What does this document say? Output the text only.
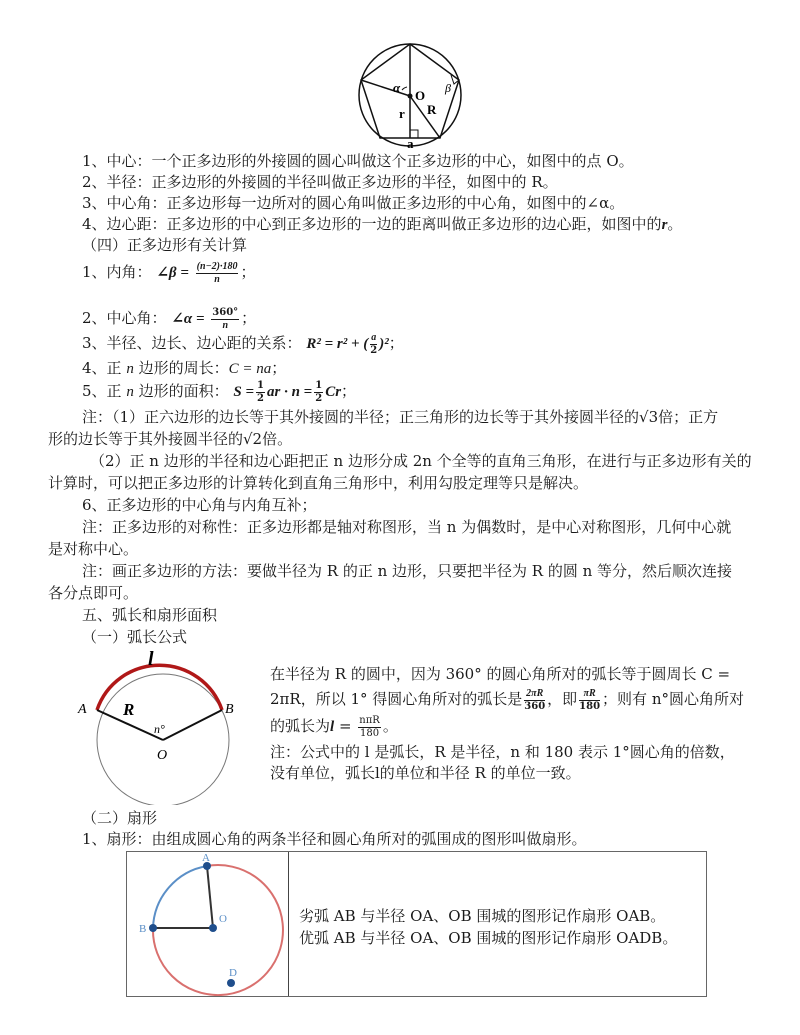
α	β
O
R
r
a
1、中心：一个正多边形的外接圆的圆心叫做这个正多边形的中心，如图中的点 O。
2、半径：正多边形的外接圆的半径叫做正多边形的半径，如图中的 R。
3、中心角：正多边形每一边所对的圆心角叫做正多边形的中心角，如图中的∠α。
4、边心距：正多边形的中心到正多边形的一边的距离叫做正多边形的边心距，如图中的r。
（四）正多边形有关计算
1、内角： ∠β = $\frac{(n-2)\cdot 180}{n}$ ；
2、中心角： ∠α = $\frac{360^\circ}{n}$ ；
3、半径、边长、边心距的关系： R² = r² + ( $\frac{a}{2} )^2$；
4、正 n 边形的周长：C = na；
5、正 n 边形的面积： $S = \frac{1}{2}$ ar · $n = \frac{1}{2}$ Cr；
注：（1）正六边形的边长等于其外接圆的半径；正三角形的边长等于其外接圆半径的√3倍；正方
形的边长等于其外接圆半径的√2倍。
（2）正 n 边形的半径和边心距把正 n 边形分成 2n 个全等的直角三角形，在进行与正多边形有关的
计算时，可以把正多边形的计算转化到直角三角形中，利用勾股定理等只是解决。
6、正多边形的中心角与内角互补；
注：正多边形的对称性：正多边形都是轴对称图形，当 n 为偶数时，是中心对称图形，几何中心就
是对称中心。
注：画正多边形的方法：要做半径为 R 的正 n 边形，只要把半径为 R 的圆 n 等分，然后顺次连接
各分点即可。
五、弧长和扇形面积
（一）弧长公式
l
A	B
R
n°
O
在半径为 R 的圆中，因为 360° 的圆心角所对的弧长等于圆周长 C =
2πR，所以 1° 得圆心角所对的弧长是 $\frac{2\pi R}{360}$ ，即 $\frac{\pi R}{180}$ ；则有 n°圆心角所对
的弧长为$l = \frac{\text{nπR}}{180}$ 。
注：公式中的 l 是弧长，R 是半径，n 和 180 表示 1°圆心角的倍数，
没有单位，弧长l的单位和半径 R 的单位一致。
（二）扇形
1、扇形：由组成圆心角的两条半径和圆心角所对的弧围成的图形叫做扇形。
A
B
O
D
劣弧 AB 与半径 OA、OB 围城的图形记作扇形 OAB。
优弧 AB 与半径 OA、OB 围城的图形记作扇形 OADB。
